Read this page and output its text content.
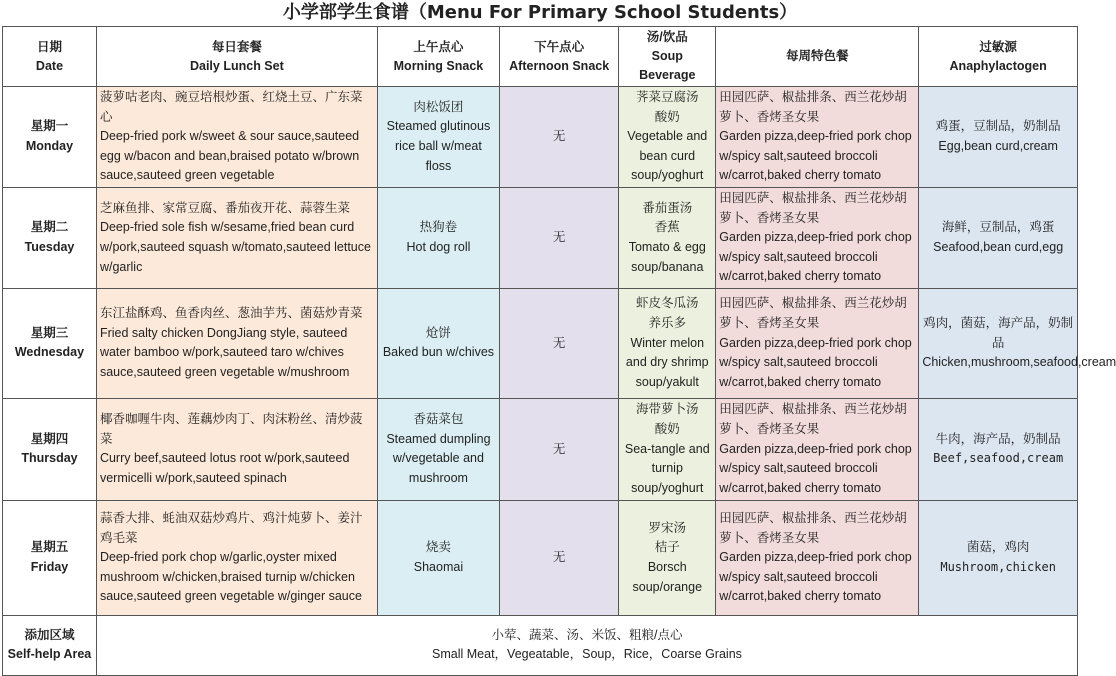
小学部学生食谱（Menu For Primary School Students）
日期
Date	每日套餐
Daily Lunch Set	上午点心
Morning Snack	下午点心
Afternoon Snack	汤/饮品
Soup
Beverage	每周特色餐	过敏源
Anaphylactogen

星期一
Monday	菠萝咕老肉、豌豆培根炒蛋、红烧土豆、广东菜心
Deep-fried pork w/sweet & sour sauce,sauteed egg w/bacon and bean,braised potato w/brown sauce,sauteed green vegetable	肉松饭团
Steamed glutinous rice ball w/meat floss	无	荠菜豆腐汤
酸奶
Vegetable and bean curd soup/yoghurt	田园匹萨、椒盐排条、西兰花炒胡萝卜、香烤圣女果
Garden pizza,deep-fried pork chop w/spicy salt,sauteed broccoli w/carrot,baked cherry tomato	鸡蛋，豆制品，奶制品
Egg,bean curd,cream

星期二
Tuesday	芝麻鱼排、家常豆腐、番茄夜开花、蒜蓉生菜
Deep-fried sole fish w/sesame,fried bean curd w/pork,sauteed squash w/tomato,sauteed lettuce w/garlic	热狗卷
Hot dog roll	无	番茄蛋汤
香蕉
Tomato & egg soup/banana	田园匹萨、椒盐排条、西兰花炒胡萝卜、香烤圣女果
Garden pizza,deep-fried pork chop w/spicy salt,sauteed broccoli w/carrot,baked cherry tomato	海鲜，豆制品，鸡蛋
Seafood,bean curd,egg

星期三
Wednesday	东江盐酥鸡、鱼香肉丝、葱油芋艿、菌菇炒青菜
Fried salty chicken DongJiang style, sauteed water bamboo w/pork,sauteed taro w/chives sauce,sauteed green vegetable w/mushroom	炝饼
Baked bun w/chives	无	虾皮冬瓜汤
养乐多
Winter melon and dry shrimp soup/yakult	田园匹萨、椒盐排条、西兰花炒胡萝卜、香烤圣女果
Garden pizza,deep-fried pork chop w/spicy salt,sauteed broccoli w/carrot,baked cherry tomato	鸡肉，菌菇，海产品，奶制品Chicken,mushroom,seafood,cream

星期四
Thursday	椰香咖喱牛肉、莲藕炒肉丁、肉沫粉丝、清炒菠菜
Curry beef,sauteed lotus root w/pork,sauteed vermicelli w/pork,sauteed spinach	香菇菜包
Steamed dumpling w/vegetable and mushroom	无	海带萝卜汤
酸奶
Sea-tangle and turnip soup/yoghurt	田园匹萨、椒盐排条、西兰花炒胡萝卜、香烤圣女果
Garden pizza,deep-fried pork chop w/spicy salt,sauteed broccoli w/carrot,baked cherry tomato	牛肉，海产品，奶制品
Beef,seafood,cream

星期五
Friday	蒜香大排、蚝油双菇炒鸡片、鸡汁炖萝卜、姜汁鸡毛菜
Deep-fried pork chop w/garlic,oyster mixed mushroom w/chicken,braised turnip w/chicken sauce,sauteed green vegetable w/ginger sauce	烧卖
Shaomai	无	罗宋汤
桔子
Borsch soup/orange	田园匹萨、椒盐排条、西兰花炒胡萝卜、香烤圣女果
Garden pizza,deep-fried pork chop w/spicy salt,sauteed broccoli w/carrot,baked cherry tomato	菌菇，鸡肉
Mushroom,chicken

添加区域
Self-help Area	小荤、蔬菜、汤、米饭、粗粮/点心
Small Meat，Vegeatable，Soup，Rice，Coarse Grains					
